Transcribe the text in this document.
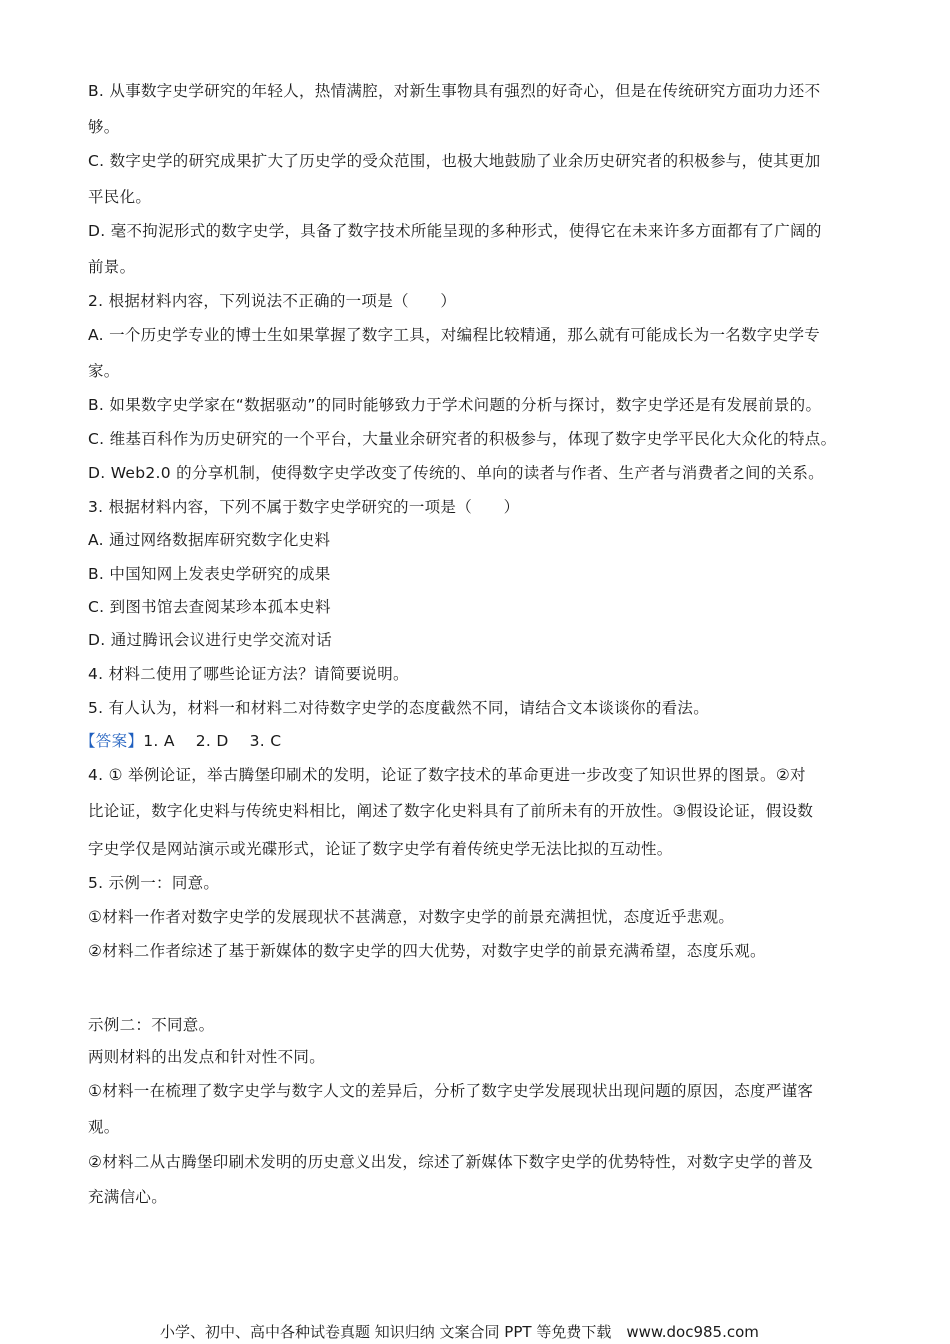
B. 从事数字史学研究的年轻人，热情满腔，对新生事物具有强烈的好奇心，但是在传统研究方面功力还不
够。
C. 数字史学的研究成果扩大了历史学的受众范围，也极大地鼓励了业余历史研究者的积极参与，使其更加
平民化。
D. 毫不拘泥形式的数字史学，具备了数字技术所能呈现的多种形式，使得它在未来许多方面都有了广阔的
前景。
2. 根据材料内容，下列说法不正确的一项是（　　）
A. 一个历史学专业的博士生如果掌握了数字工具，对编程比较精通，那么就有可能成长为一名数字史学专
家。
B. 如果数字史学家在“数据驱动”的同时能够致力于学术问题的分析与探讨，数字史学还是有发展前景的。
C. 维基百科作为历史研究的一个平台，大量业余研究者的积极参与，体现了数字史学平民化大众化的特点。
D. Web2.0 的分享机制，使得数字史学改变了传统的、单向的读者与作者、生产者与消费者之间的关系。
3. 根据材料内容，下列不属于数字史学研究的一项是（　　）
A. 通过网络数据库研究数字化史料
B. 中国知网上发表史学研究的成果
C. 到图书馆去查阅某珍本孤本史料
D. 通过腾讯会议进行史学交流对话
4. 材料二使用了哪些论证方法？请简要说明。
5. 有人认为，材料一和材料二对待数字史学的态度截然不同，请结合文本谈谈你的看法。
【答案】1. A　 2. D　 3. C
4. ① 举例论证，举古腾堡印刷术的发明，论证了数字技术的革命更进一步改变了知识世界的图景。②对
比论证，数字化史料与传统史料相比，阐述了数字化史料具有了前所未有的开放性。③假设论证，假设数
字史学仅是网站演示或光碟形式，论证了数字史学有着传统史学无法比拟的互动性。
5. 示例一：同意。
①材料一作者对数字史学的发展现状不甚满意，对数字史学的前景充满担忧，态度近乎悲观。
②材料二作者综述了基于新媒体的数字史学的四大优势，对数字史学的前景充满希望，态度乐观。
示例二：不同意。
两则材料的出发点和针对性不同。
①材料一在梳理了数字史学与数字人文的差异后，分析了数字史学发展现状出现问题的原因，态度严谨客
观。
②材料二从古腾堡印刷术发明的历史意义出发，综述了新媒体下数字史学的优势特性，对数字史学的普及
充满信心。
小学、初中、高中各种试卷真题 知识归纳 文案合同 PPT 等免费下载　www.doc985.com
